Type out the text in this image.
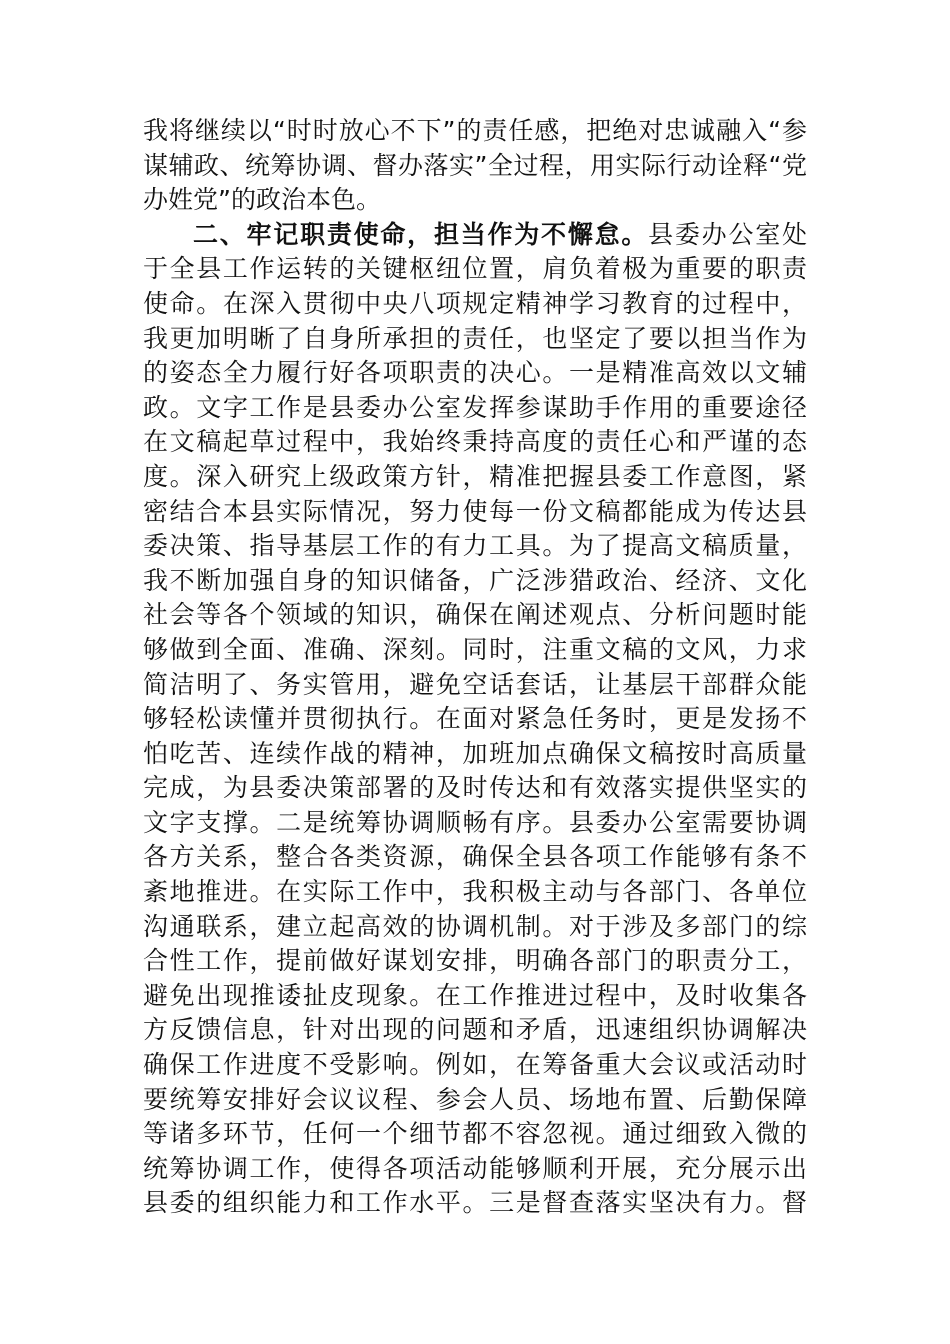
我将继续以“时时放心不下”的责任感，把绝对忠诚融入“参
谋辅政、统筹协调、督办落实”全过程，用实际行动诠释“党
办姓党”的政治本色。
二、牢记职责使命，担当作为不懈怠。县委办公室处
于全县工作运转的关键枢纽位置，肩负着极为重要的职责
使命。在深入贯彻中央八项规定精神学习教育的过程中，
我更加明晰了自身所承担的责任，也坚定了要以担当作为
的姿态全力履行好各项职责的决心。一是精准高效以文辅
政。文字工作是县委办公室发挥参谋助手作用的重要途径
在文稿起草过程中，我始终秉持高度的责任心和严谨的态
度。深入研究上级政策方针，精准把握县委工作意图，紧
密结合本县实际情况，努力使每一份文稿都能成为传达县
委决策、指导基层工作的有力工具。为了提高文稿质量，
我不断加强自身的知识储备，广泛涉猎政治、经济、文化
社会等各个领域的知识，确保在阐述观点、分析问题时能
够做到全面、准确、深刻。同时，注重文稿的文风，力求
简洁明了、务实管用，避免空话套话，让基层干部群众能
够轻松读懂并贯彻执行。在面对紧急任务时，更是发扬不
怕吃苦、连续作战的精神，加班加点确保文稿按时高质量
完成，为县委决策部署的及时传达和有效落实提供坚实的
文字支撑。二是统筹协调顺畅有序。县委办公室需要协调
各方关系，整合各类资源，确保全县各项工作能够有条不
紊地推进。在实际工作中，我积极主动与各部门、各单位
沟通联系，建立起高效的协调机制。对于涉及多部门的综
合性工作，提前做好谋划安排，明确各部门的职责分工，
避免出现推诿扯皮现象。在工作推进过程中，及时收集各
方反馈信息，针对出现的问题和矛盾，迅速组织协调解决
确保工作进度不受影响。例如，在筹备重大会议或活动时
要统筹安排好会议议程、参会人员、场地布置、后勤保障
等诸多环节，任何一个细节都不容忽视。通过细致入微的
统筹协调工作，使得各项活动能够顺利开展，充分展示出
县委的组织能力和工作水平。三是督查落实坚决有力。督
